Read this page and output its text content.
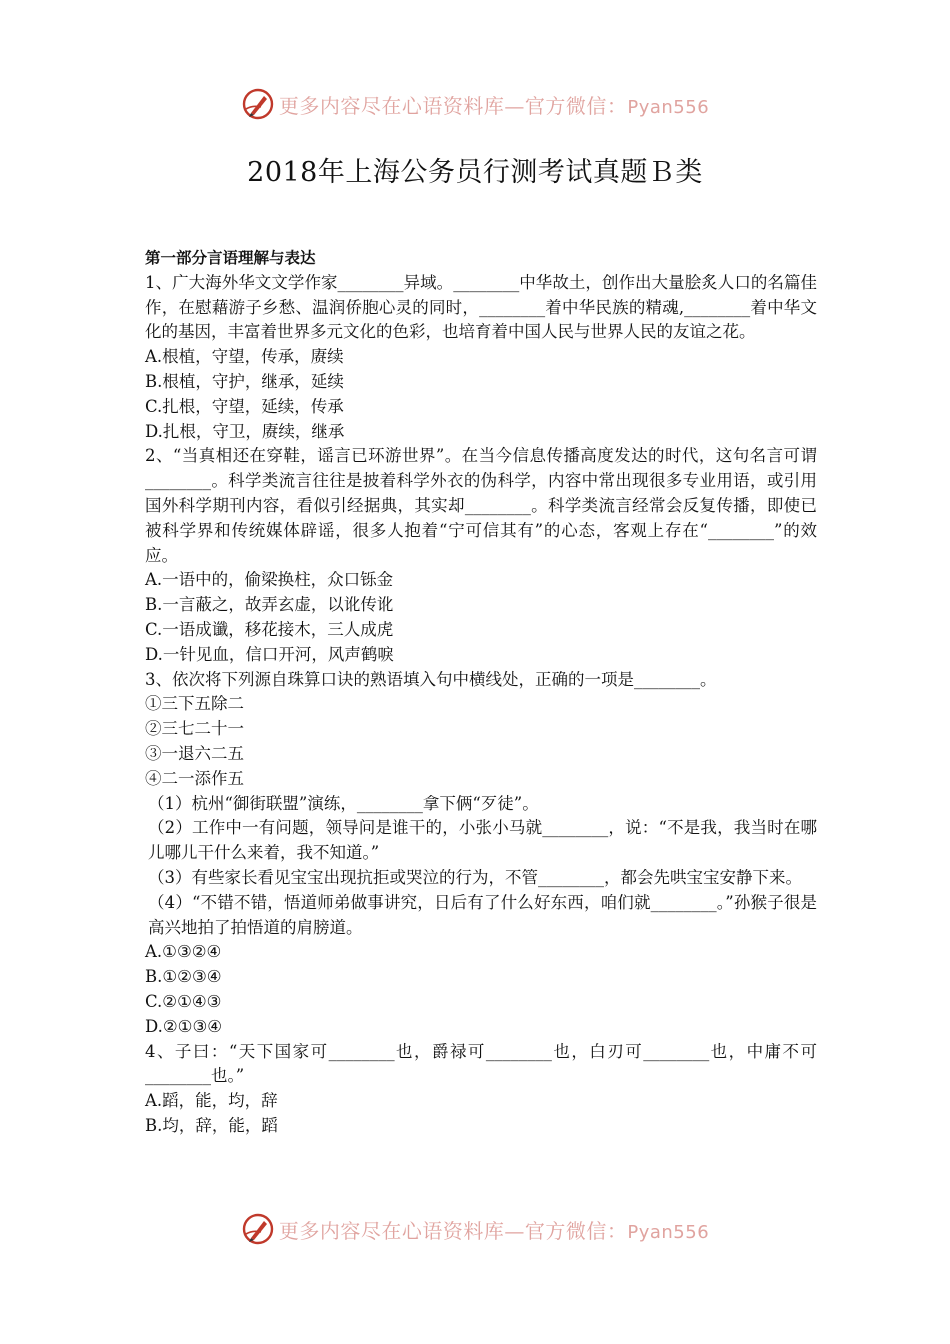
更多内容尽在心语资料库—官方微信：Pyan556
2018年上海公务员行测考试真题Ｂ类

第一部分言语理解与表达

1、广大海外华文文学作家________异域。________中华故土，创作出大量脍炙人口的名篇佳作，在慰藉游子乡愁、温润侨胞心灵的同时，________着中华民族的精魂,________着中华文化的基因，丰富着世界多元文化的色彩，也培育着中国人民与世界人民的友谊之花。

A.根植，守望，传承，赓续

B.根植，守护，继承，延续

C.扎根，守望，延续，传承

D.扎根，守卫，赓续，继承

2、“当真相还在穿鞋，谣言已环游世界”。在当今信息传播高度发达的时代，这句名言可谓________。科学类流言往往是披着科学外衣的伪科学，内容中常出现很多专业用语，或引用国外科学期刊内容，看似引经据典，其实却________。科学类流言经常会反复传播，即使已被科学界和传统媒体辟谣，很多人抱着“宁可信其有”的心态，客观上存在“________”的效应。

A.一语中的，偷梁换柱，众口铄金

B.一言蔽之，故弄玄虚，以讹传讹

C.一语成谶，移花接木，三人成虎

D.一针见血，信口开河，风声鹤唳

3、依次将下列源自珠算口诀的熟语填入句中横线处，正确的一项是________。

①三下五除二

②三七二十一

③一退六二五

④二一添作五

（1）杭州“御街联盟”演练，________拿下俩“歹徒”。

（2）工作中一有问题，领导问是谁干的，小张小马就________，说：“不是我，我当时在哪儿哪儿干什么来着，我不知道。”

（3）有些家长看见宝宝出现抗拒或哭泣的行为，不管________，都会先哄宝宝安静下来。

（4）“不错不错，悟道师弟做事讲究，日后有了什么好东西，咱们就________。”孙猴子很是高兴地拍了拍悟道的肩膀道。

A.①③②④

B.①②③④

C.②①④③

D.②①③④

4、子曰：“天下国家可________也，爵禄可________也，白刃可________也，中庸不可________也。”

A.蹈，能，均，辞

B.均，辞，能，蹈

更多内容尽在心语资料库—官方微信：Pyan556
